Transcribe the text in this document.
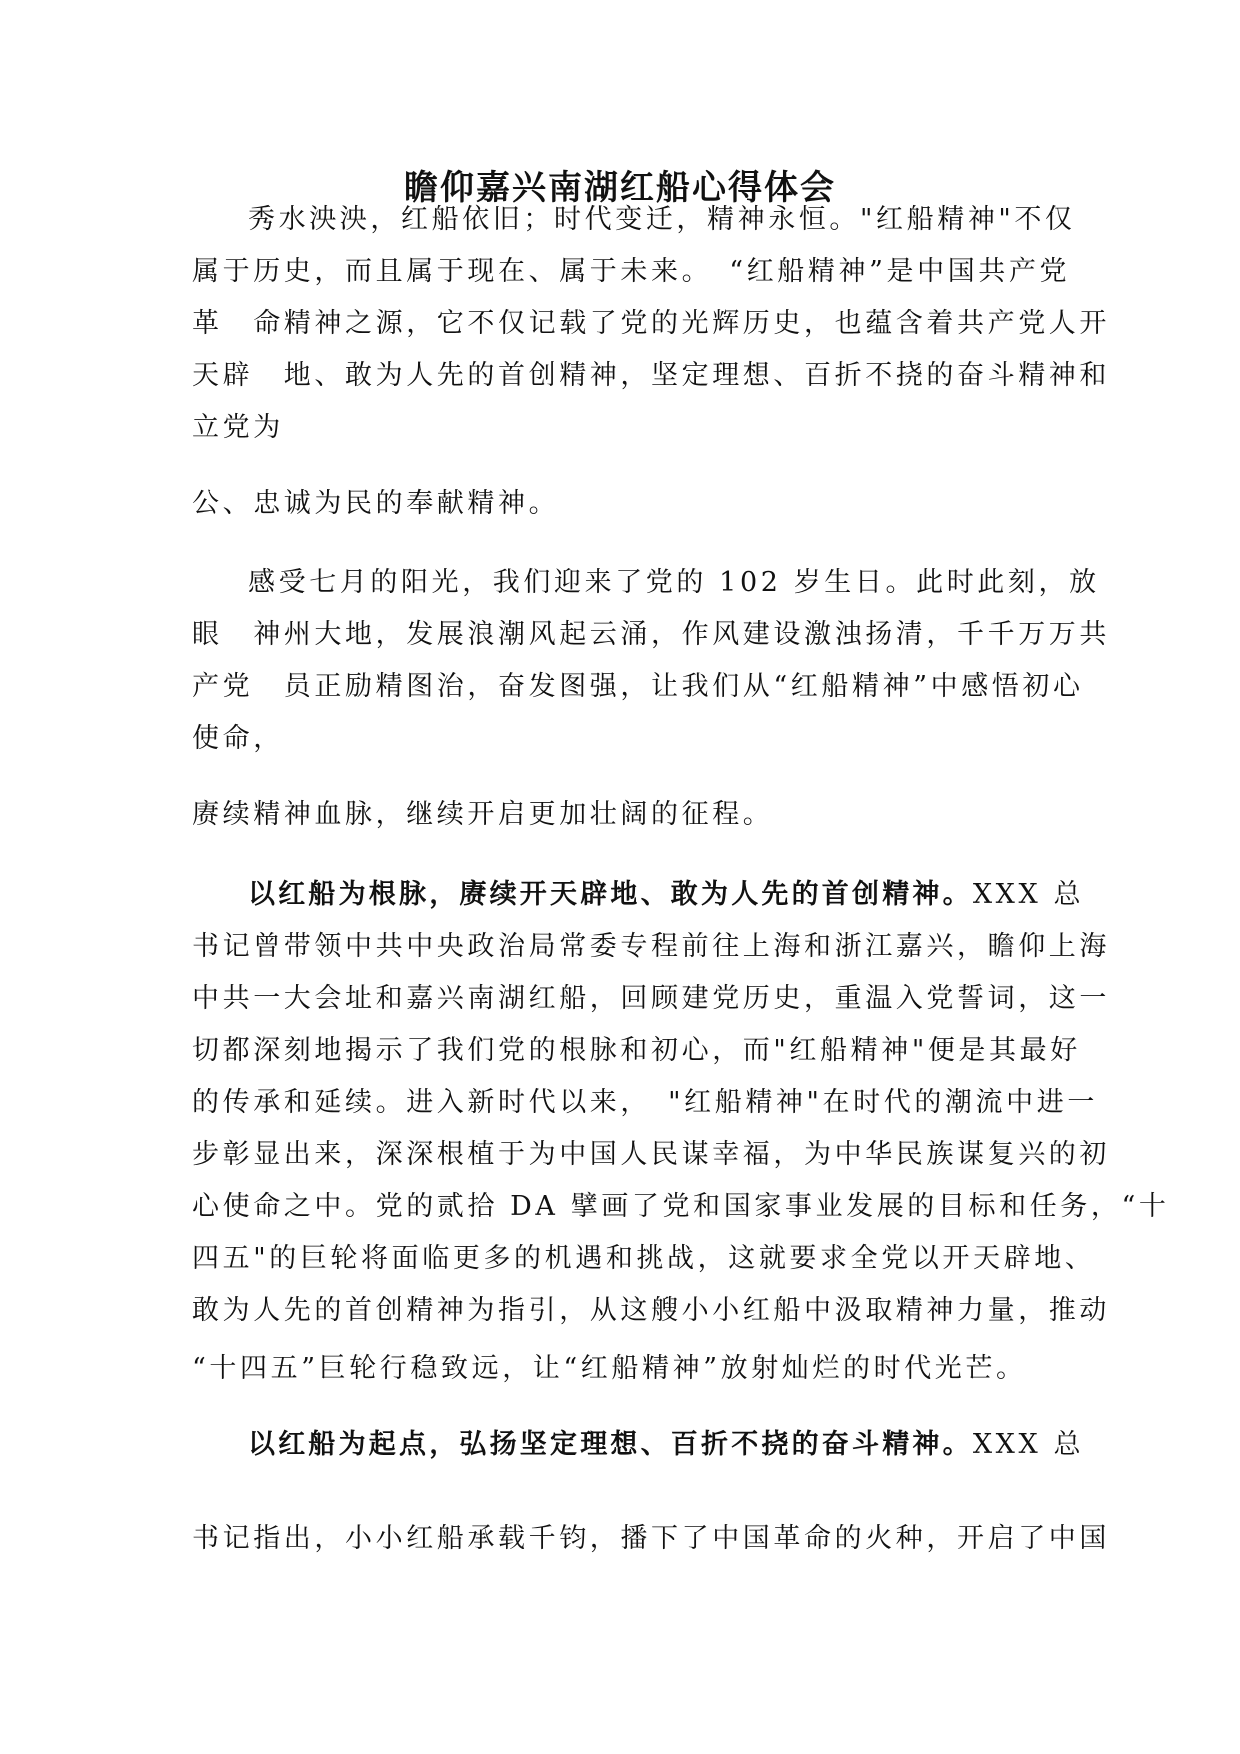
瞻仰嘉兴南湖红船心得体会

秀水泱泱，红船依旧；时代变迁，精神永恒。"红船精神"不仅

属于历史，而且属于现在、属于未来。　“红船精神”是中国共产党

革　命精神之源，它不仅记载了党的光辉历史，也蕴含着共产党人开

天辟　地、敢为人先的首创精神，坚定理想、百折不挠的奋斗精神和

立党为

公、忠诚为民的奉献精神。

感受七月的阳光，我们迎来了党的 102 岁生日。此时此刻，放

眼　神州大地，发展浪潮风起云涌，作风建设激浊扬清，千千万万共

产党　员正励精图治，奋发图强，让我们从“红船精神”中感悟初心

使命，

赓续精神血脉，继续开启更加壮阔的征程。

以红船为根脉，赓续开天辟地、敢为人先的首创精神。XXX 总

书记曾带领中共中央政治局常委专程前往上海和浙江嘉兴，瞻仰上海

中共一大会址和嘉兴南湖红船，回顾建党历史，重温入党誓词，这一

切都深刻地揭示了我们党的根脉和初心，而"红船精神"便是其最好

的传承和延续。进入新时代以来，　"红船精神"在时代的潮流中进一

步彰显出来，深深根植于为中国人民谋幸福，为中华民族谋复兴的初

心使命之中。党的贰拾 DA 擘画了党和国家事业发展的目标和任务，“十

四五"的巨轮将面临更多的机遇和挑战，这就要求全党以开天辟地、

敢为人先的首创精神为指引，从这艘小小红船中汲取精神力量，推动

“十四五”巨轮行稳致远，让“红船精神”放射灿烂的时代光芒。

以红船为起点，弘扬坚定理想、百折不挠的奋斗精神。XXX 总

书记指出，小小红船承载千钧，播下了中国革命的火种，开启了中国
